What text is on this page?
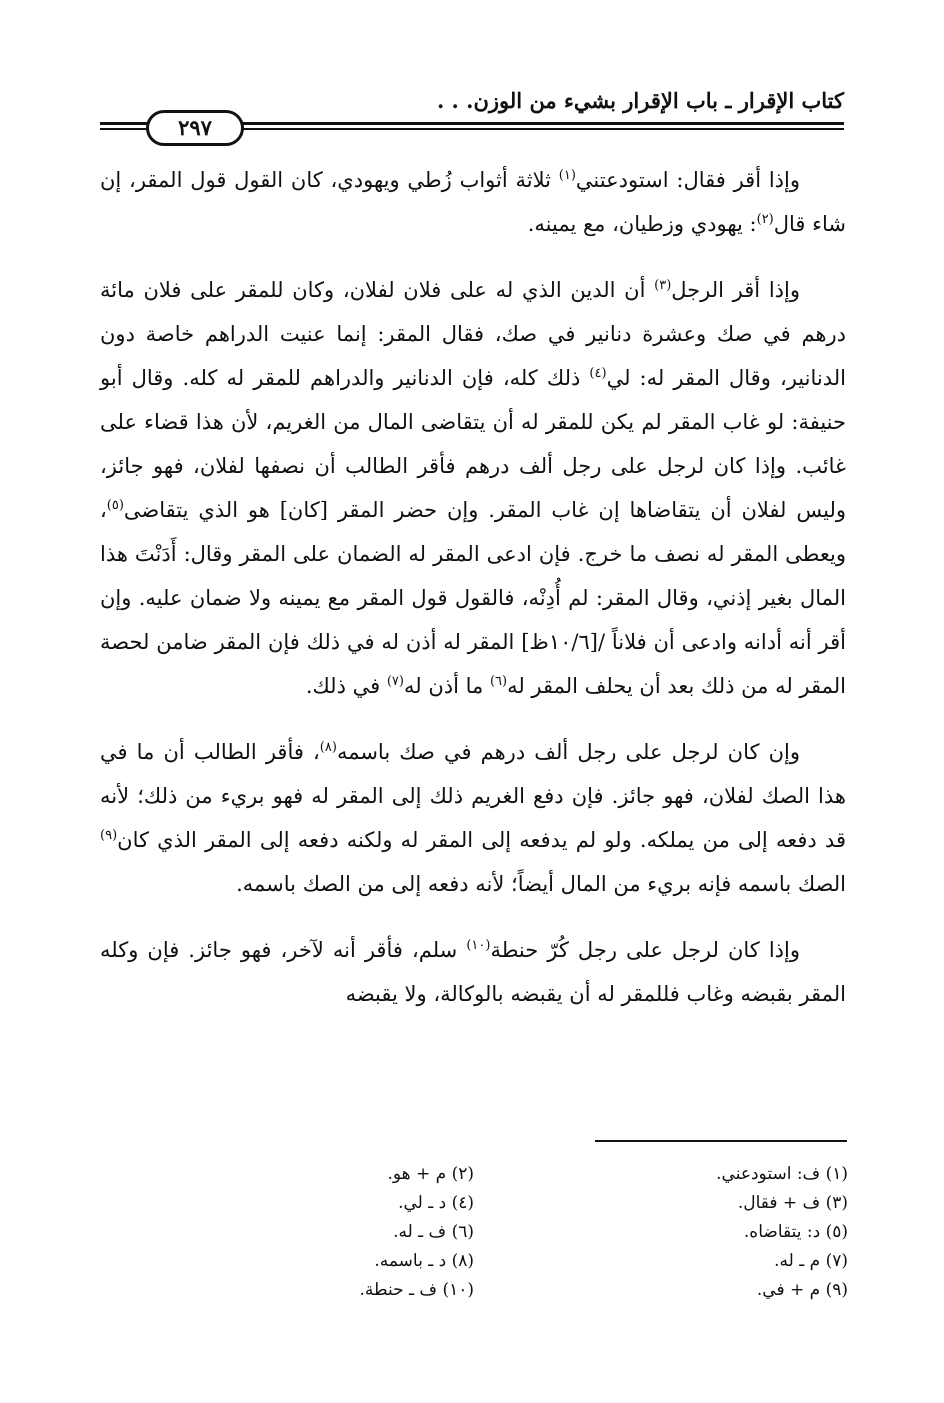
كتاب الإقرار ـ باب الإقرار بشيء من الوزن. . .
٢٩٧

وإذا أقر فقال: استودعتني$^{(١)}$ ثلاثة أثواب زُطي ويهودي، كان القول قول المقر، إن شاء قال$^{(٢)}$: يهودي وزطيان، مع يمينه.

وإذا أقر الرجل$^{(٣)}$ أن الدين الذي له على فلان لفلان، وكان للمقر على فلان مائة درهم في صك وعشرة دنانير في صك، فقال المقر: إنما عنيت الدراهم خاصة دون الدنانير، وقال المقر له: لي$^{(٤)}$ ذلك كله، فإن الدنانير والدراهم للمقر له كله. وقال أبو حنيفة: لو غاب المقر لم يكن للمقر له أن يتقاضى المال من الغريم، لأن هذا قضاء على غائب. وإذا كان لرجل على رجل ألف درهم فأقر الطالب أن نصفها لفلان، فهو جائز، وليس لفلان أن يتقاضاها إن غاب المقر. وإن حضر المقر [كان] هو الذي يتقاضى$^{(٥)}$، ويعطى المقر له نصف ما خرج. فإن ادعى المقر له الضمان على المقر وقال: أَدَنْتَ هذا المال بغير إذني، وقال المقر: لم أُدِنْه، فالقول قول المقر مع يمينه ولا ضمان عليه. وإن أقر أنه أدانه وادعى أن فلاناً /[١٠/٦ظ] المقر له أذن له في ذلك فإن المقر ضامن لحصة المقر له من ذلك بعد أن يحلف المقر له$^{(٦)}$ ما أذن له$^{(٧)}$ في ذلك.

وإن كان لرجل على رجل ألف درهم في صك باسمه$^{(٨)}$، فأقر الطالب أن ما في هذا الصك لفلان، فهو جائز. فإن دفع الغريم ذلك إلى المقر له فهو بريء من ذلك؛ لأنه قد دفعه إلى من يملكه. ولو لم يدفعه إلى المقر له ولكنه دفعه إلى المقر الذي كان$^{(٩)}$ الصك باسمه فإنه بريء من المال أيضاً؛ لأنه دفعه إلى من الصك باسمه.

وإذا كان لرجل على رجل كُرّ حنطة$^{(١٠)}$ سلم، فأقر أنه لآخر، فهو جائز. فإن وكله المقر بقبضه وغاب فللمقر له أن يقبضه بالوكالة، ولا يقبضه

(١) ف: استودعني.
(٣) ف + فقال.
(٥) د: يتقاضاه.
(٧) م ـ له.
(٩) م + في.
(٢) م + هو.
(٤) د ـ لي.
(٦) ف ـ له.
(٨) د ـ باسمه.
(١٠) ف ـ حنطة.
